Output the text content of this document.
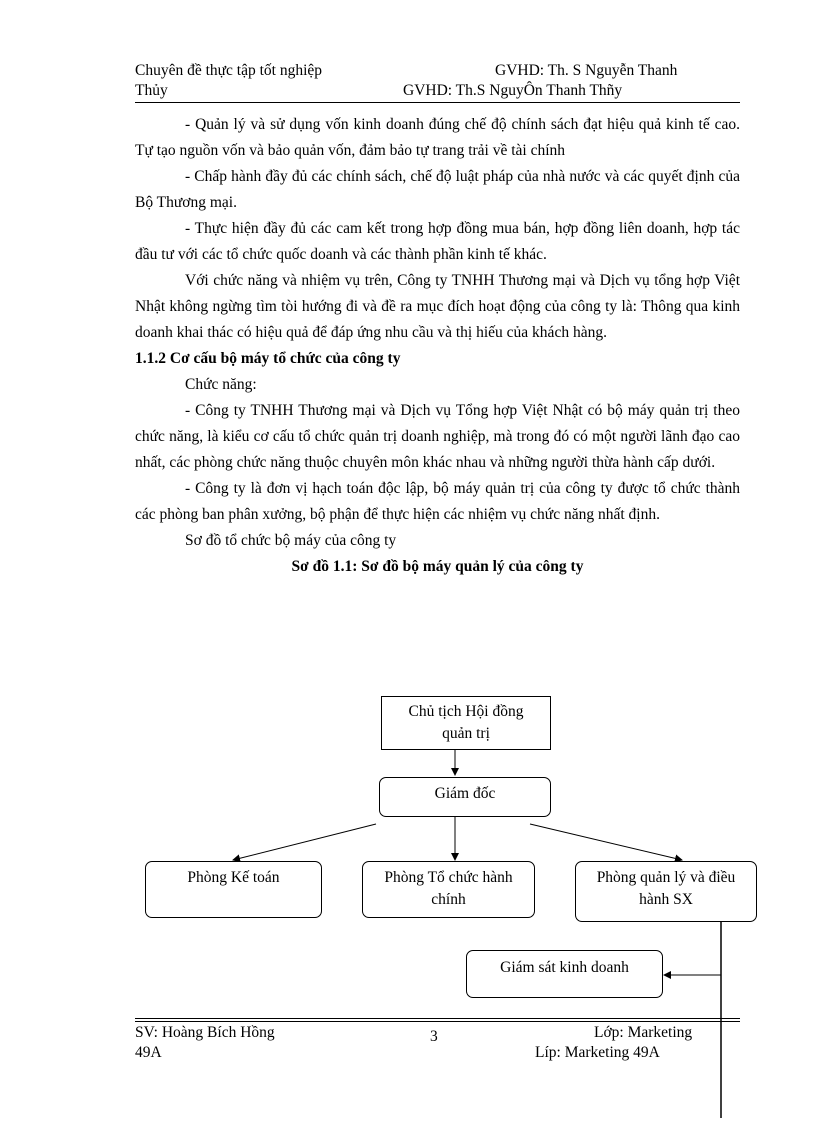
Chuyên đề thực tập tốt nghiệp	GVHD: Th. S Nguyễn Thanh
Thủy	GVHD: Th.S NguyÔn Thanh Thñy

- Quản lý và sử dụng vốn kinh doanh đúng chế độ chính sách đạt hiệu quả kinh tế cao. Tự tạo nguồn vốn và bảo quản vốn, đảm bảo tự trang trải về tài chính

- Chấp hành đầy đủ các chính sách, chế độ luật pháp của nhà nước và các quyết định của Bộ Thương mại.

- Thực hiện đầy đủ các cam kết trong hợp đồng mua bán, hợp đồng liên doanh, hợp tác đầu tư với các tổ chức quốc doanh và các thành phần kinh tế khác.

Với chức năng và nhiệm vụ trên, Công ty TNHH Thương mại và Dịch vụ tổng hợp Việt Nhật không ngừng tìm tòi hướng đi và đề ra mục đích hoạt động của công ty là: Thông qua kinh doanh khai thác có hiệu quả để đáp ứng nhu cầu và thị hiếu của khách hàng.

1.1.2 Cơ cấu bộ máy tổ chức của công ty

Chức năng:

- Công ty TNHH Thương mại và Dịch vụ Tổng hợp Việt Nhật có bộ máy quản trị theo chức năng, là kiểu cơ cấu tổ chức quản trị doanh nghiệp, mà trong đó có một người lãnh đạo cao nhất, các phòng chức năng thuộc chuyên môn khác nhau và những người thừa hành cấp dưới.

- Công ty là đơn vị hạch toán độc lập, bộ máy quản trị của công ty được tổ chức thành các phòng ban phân xưởng, bộ phận để thực hiện các nhiệm vụ chức năng nhất định.

Sơ đồ tổ chức bộ máy của công ty

Sơ đồ 1.1: Sơ đồ bộ máy quản lý của công ty

Chủ tịch Hội đồng
quản trị
Giám đốc
Phòng Kế toán	Phòng Tổ chức hành
chính
Phòng quản lý và điều
hành SX
Giám sát kinh doanh
SV: Hoàng Bích Hồng	3	Lớp: Marketing
49A	Líp: Marketing 49A
